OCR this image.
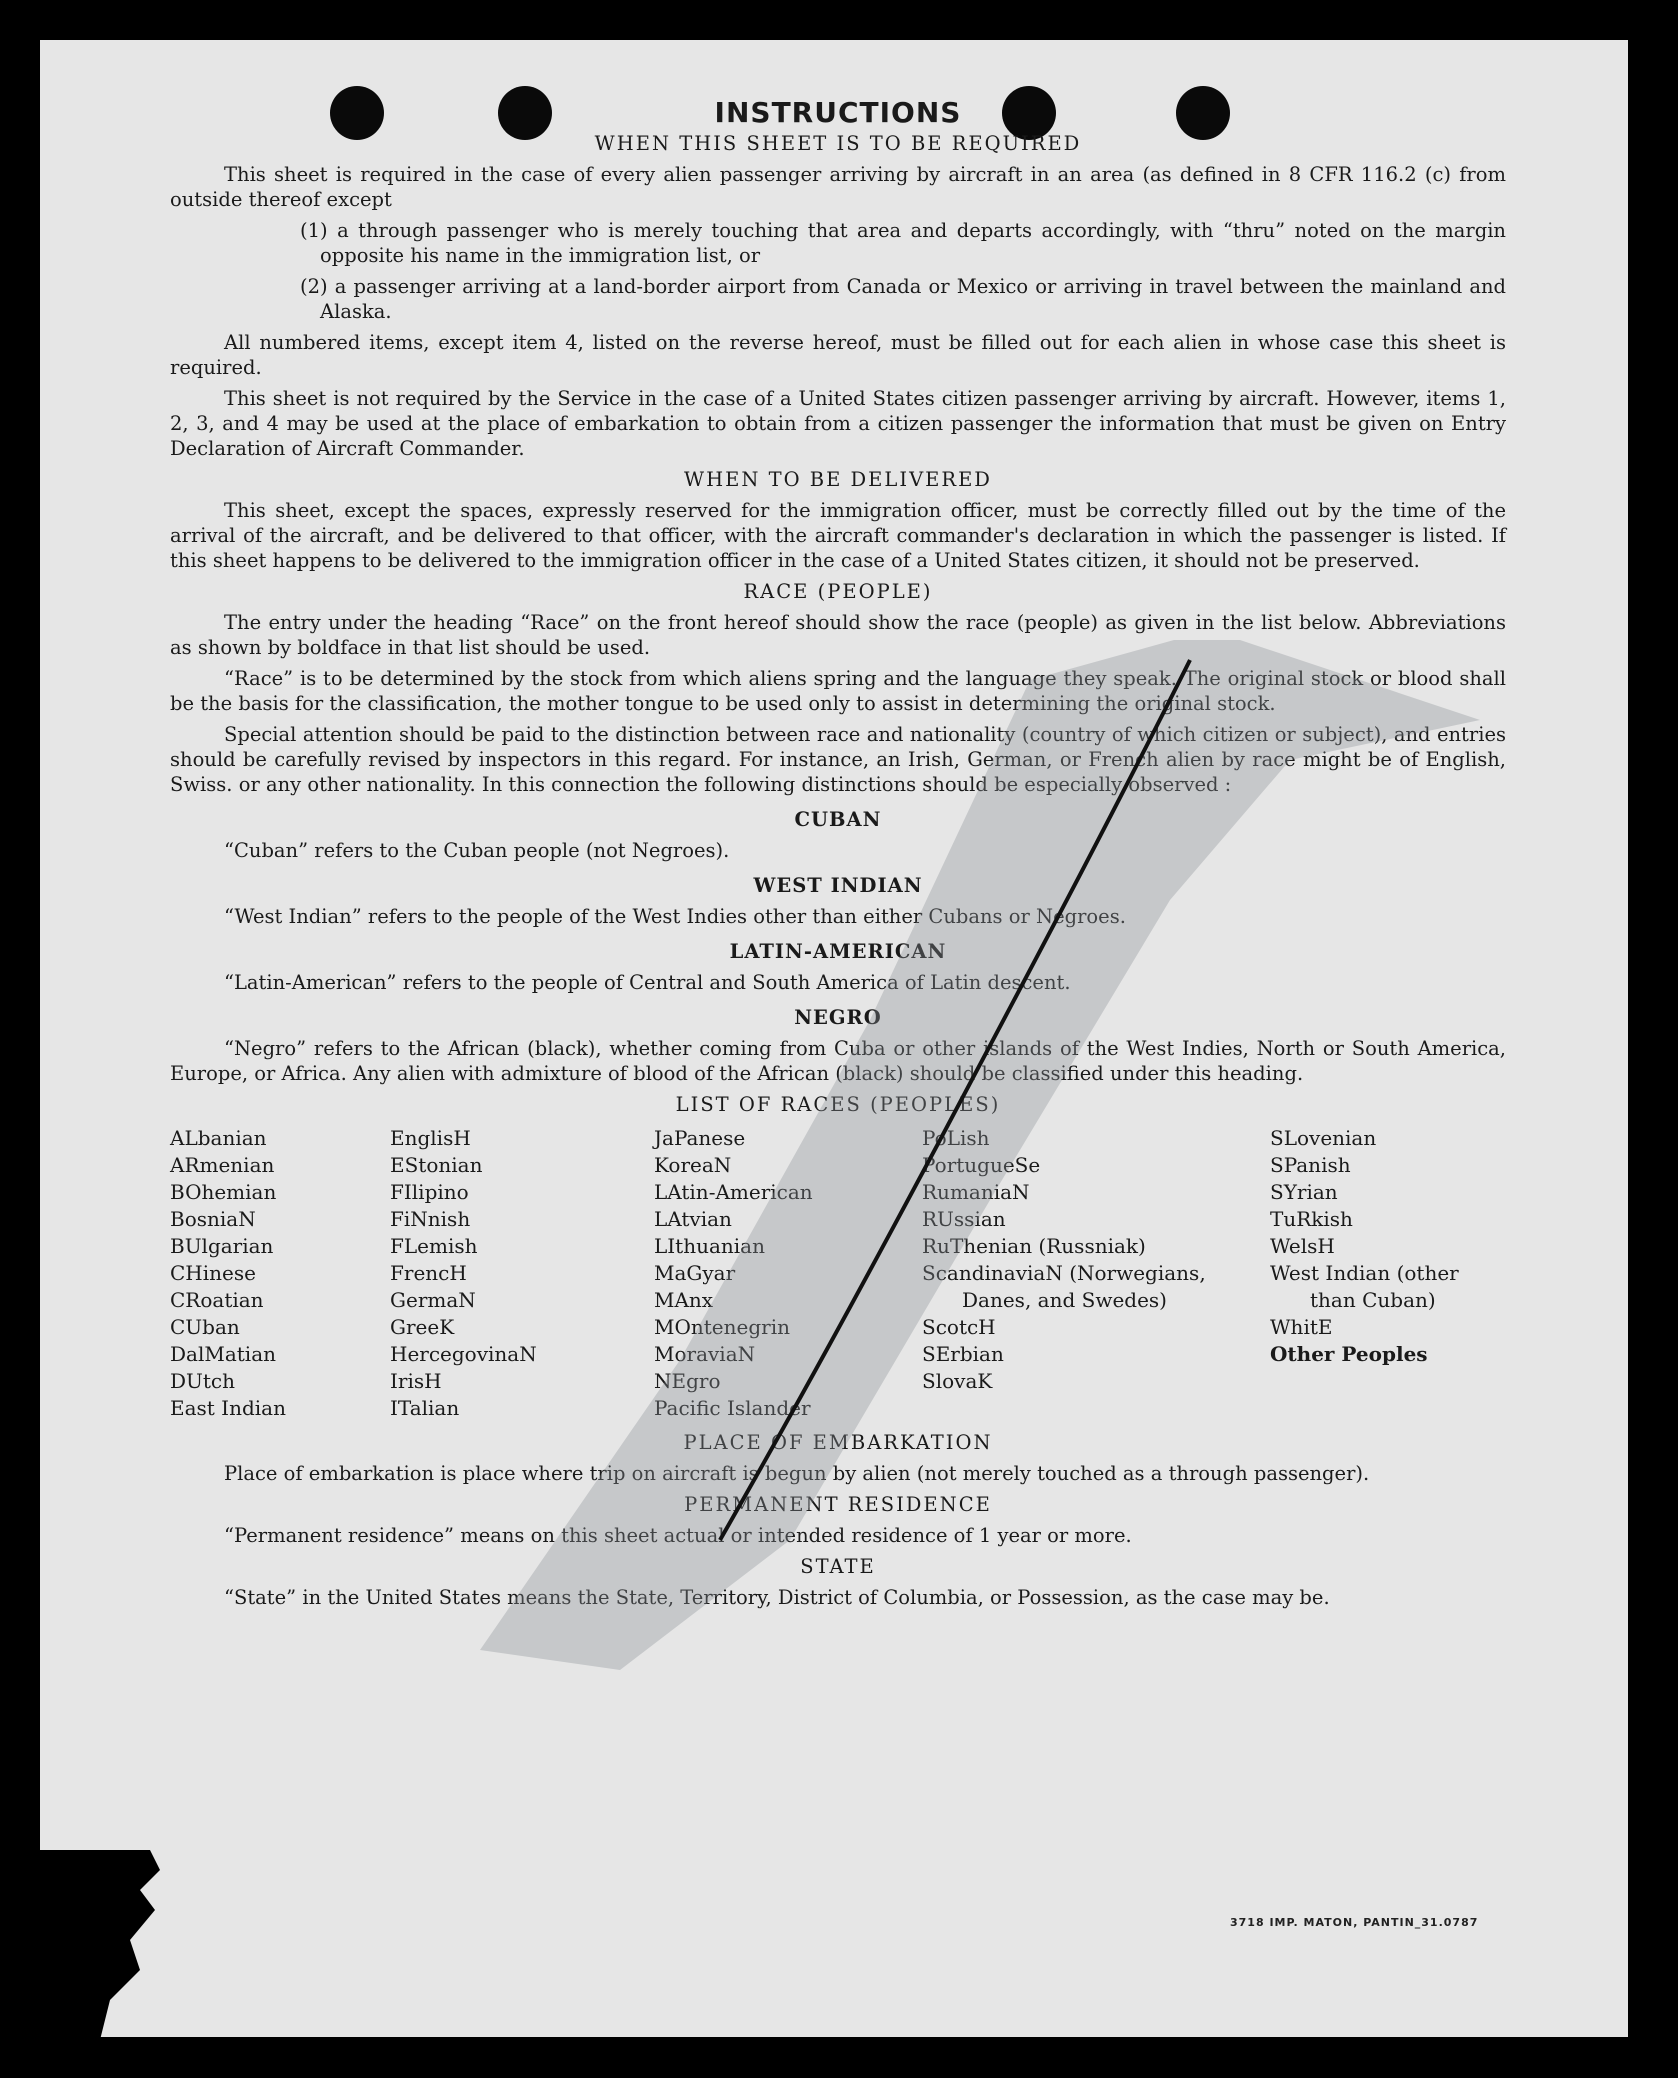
INSTRUCTIONS
WHEN THIS SHEET IS TO BE REQUIRED

This sheet is required in the case of every alien passenger arriving by aircraft in an area (as defined in 8 CFR 116.2 (c) from outside thereof except

(1) a through passenger who is merely touching that area and departs accordingly, with “thru” noted on the margin opposite his name in the immigration list, or
(2) a passenger arriving at a land-border airport from Canada or Mexico or arriving in travel between the mainland and Alaska.

All numbered items, except item 4, listed on the reverse hereof, must be filled out for each alien in whose case this sheet is required.

This sheet is not required by the Service in the case of a United States citizen passenger arriving by aircraft. However, items 1, 2, 3, and 4 may be used at the place of embarkation to obtain from a citizen passenger the information that must be given on Entry Declaration of Aircraft Commander.

WHEN TO BE DELIVERED

This sheet, except the spaces, expressly reserved for the immigration officer, must be correctly filled out by the time of the arrival of the aircraft, and be delivered to that officer, with the aircraft commander's declaration in which the passenger is listed. If this sheet happens to be delivered to the immigration officer in the case of a United States citizen, it should not be preserved.

RACE (PEOPLE)

The entry under the heading “Race” on the front hereof should show the race (people) as given in the list below. Abbreviations as shown by boldface in that list should be used.

“Race” is to be determined by the stock from which aliens spring and the language they speak. The original stock or blood shall be the basis for the classification, the mother tongue to be used only to assist in determining the original stock.

Special attention should be paid to the distinction between race and nationality (country of which citizen or subject), and entries should be carefully revised by inspectors in this regard. For instance, an Irish, German, or French alien by race might be of English, Swiss. or any other nationality. In this connection the following distinctions should be especially observed :

CUBAN
“Cuban” refers to the Cuban people (not Negroes).
WEST INDIAN
“West Indian” refers to the people of the West Indies other than either Cubans or Negroes.
LATIN-AMERICAN
“Latin-American” refers to the people of Central and South America of Latin descent.
NEGRO

“Negro” refers to the African (black), whether coming from Cuba or other islands of the West Indies, North or South America, Europe, or Africa. Any alien with admixture of blood of the African (black) should be classified under this heading.

LIST OF RACES (PEOPLES)
ALbanian
ARmenian
BOhemian
BosniaN
BUlgarian
CHinese
CRoatian
CUban
DalMatian
DUtch
East Indian
EnglisH
EStonian
FIlipino
FiNnish
FLemish
FrencH
GermaN
GreeK
HercegovinaN
IrisH
ITalian
JaPanese
KoreaN
LAtin-American
LAtvian
LIthuanian
MaGyar
MAnx
MOntenegrin
MoraviaN
NEgro
Pacific Islander
PoLish
PortugueSe
RumaniaN
RUssian
RuThenian (Russniak)
ScandinaviaN (Norwegians, Danes, and Swedes)
ScotcH
SErbian
SlovaK
SLovenian
SPanish
SYrian
TuRkish
WelsH
West Indian (other than Cuban)
WhitE
Other Peoples
PLACE OF EMBARKATION

Place of embarkation is place where trip on aircraft is begun by alien (not merely touched as a through passenger).

PERMANENT RESIDENCE
“Permanent residence” means on this sheet actual or intended residence of 1 year or more.
STATE
“State” in the United States means the State, Territory, District of Columbia, or Possession, as the case may be.
3718 IMP. MATON, PANTIN_31.0787
